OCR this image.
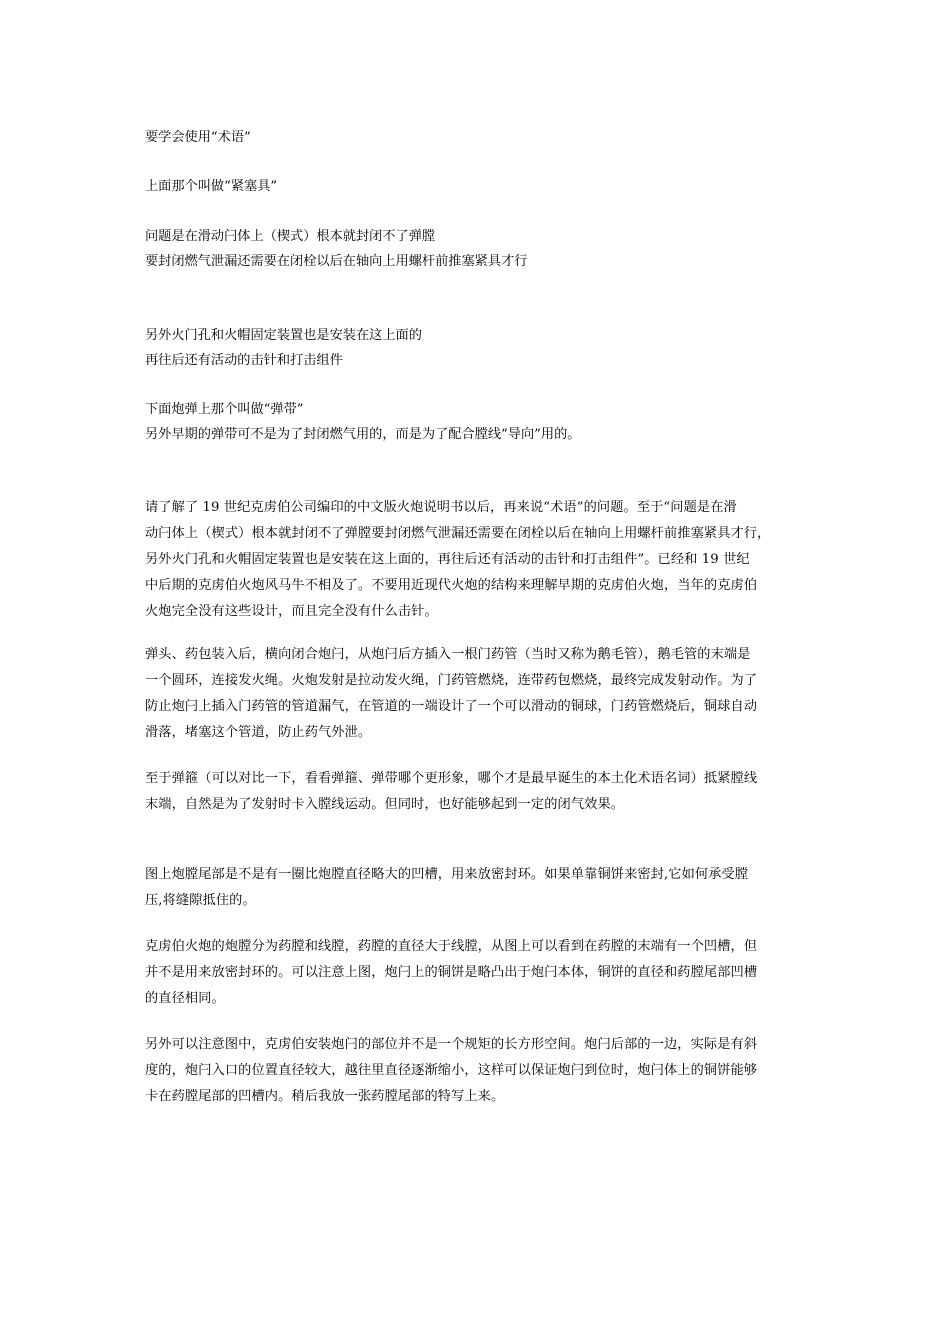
要学会使用“术语”
上面那个叫做“紧塞具”
问题是在滑动闩体上（楔式）根本就封闭不了弹膛
要封闭燃气泄漏还需要在闭栓以后在轴向上用螺杆前推塞紧具才行
另外火门孔和火帽固定装置也是安装在这上面的
再往后还有活动的击针和打击组件
下面炮弹上那个叫做“弹带”
另外早期的弹带可不是为了封闭燃气用的，而是为了配合膛线“导向”用的。
请了解了 19 世纪克虏伯公司编印的中文版火炮说明书以后，再来说“术语”的问题。至于“问题是在滑
动闩体上（楔式）根本就封闭不了弹膛要封闭燃气泄漏还需要在闭栓以后在轴向上用螺杆前推塞紧具才行，
另外火门孔和火帽固定装置也是安装在这上面的，再往后还有活动的击针和打击组件”。已经和 19 世纪
中后期的克虏伯火炮风马牛不相及了。不要用近现代火炮的结构来理解早期的克虏伯火炮，当年的克虏伯
火炮完全没有这些设计，而且完全没有什么击针。
弹头、药包装入后，横向闭合炮闩，从炮闩后方插入一根门药管（当时又称为鹅毛管），鹅毛管的末端是
一个圆环，连接发火绳。火炮发射是拉动发火绳，门药管燃烧，连带药包燃烧，最终完成发射动作。为了
防止炮闩上插入门药管的管道漏气，在管道的一端设计了一个可以滑动的铜球，门药管燃烧后，铜球自动
滑落，堵塞这个管道，防止药气外泄。
至于弹箍（可以对比一下，看看弹箍、弹带哪个更形象，哪个才是最早诞生的本土化术语名词）抵紧膛线
末端，自然是为了发射时卡入膛线运动。但同时，也好能够起到一定的闭气效果。
图上炮膛尾部是不是有一圈比炮膛直径略大的凹槽，用来放密封环。如果单靠铜饼来密封,它如何承受膛
压,将缝隙抵住的。
克虏伯火炮的炮膛分为药膛和线膛，药膛的直径大于线膛，从图上可以看到在药膛的末端有一个凹槽，但
并不是用来放密封环的。可以注意上图，炮闩上的铜饼是略凸出于炮闩本体，铜饼的直径和药膛尾部凹槽
的直径相同。
另外可以注意图中，克虏伯安装炮闩的部位并不是一个规矩的长方形空间。炮闩后部的一边，实际是有斜
度的，炮闩入口的位置直径较大，越往里直径逐渐缩小，这样可以保证炮闩到位时，炮闩体上的铜饼能够
卡在药膛尾部的凹槽内。稍后我放一张药膛尾部的特写上来。
